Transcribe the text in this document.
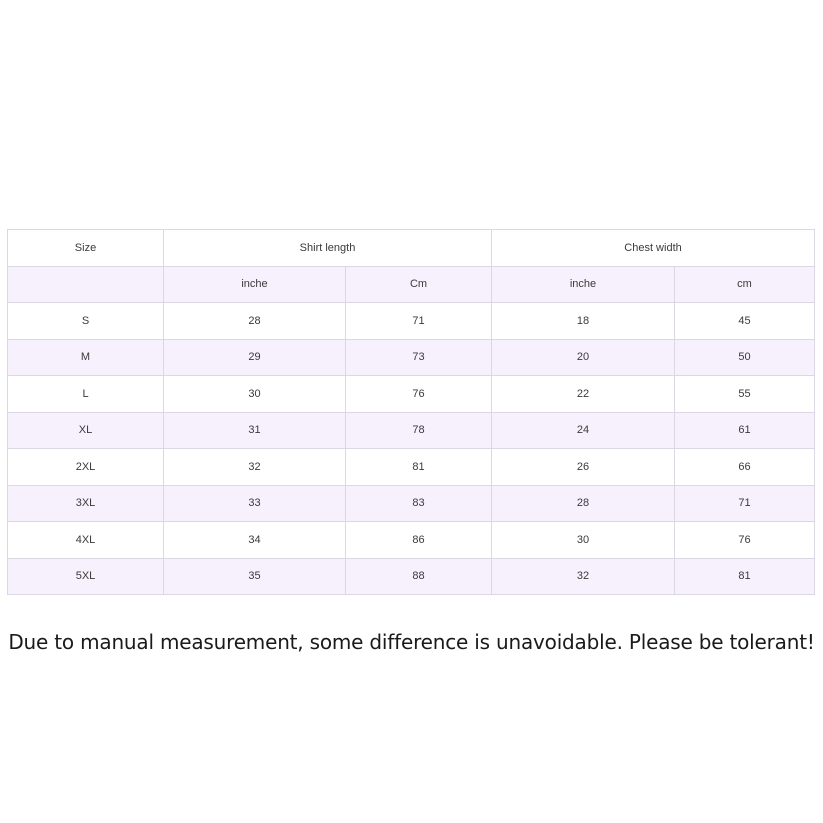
Size	Shirt length		Chest width	
	inche	Cm	inche	cm
S	28	71	18	45
M	29	73	20	50
L	30	76	22	55
XL	31	78	24	61
2XL	32	81	26	66
3XL	33	83	28	71
4XL	34	86	30	76
5XL	35	88	32	81
Due to manual measurement, some difference is unavoidable. Please be tolerant!
